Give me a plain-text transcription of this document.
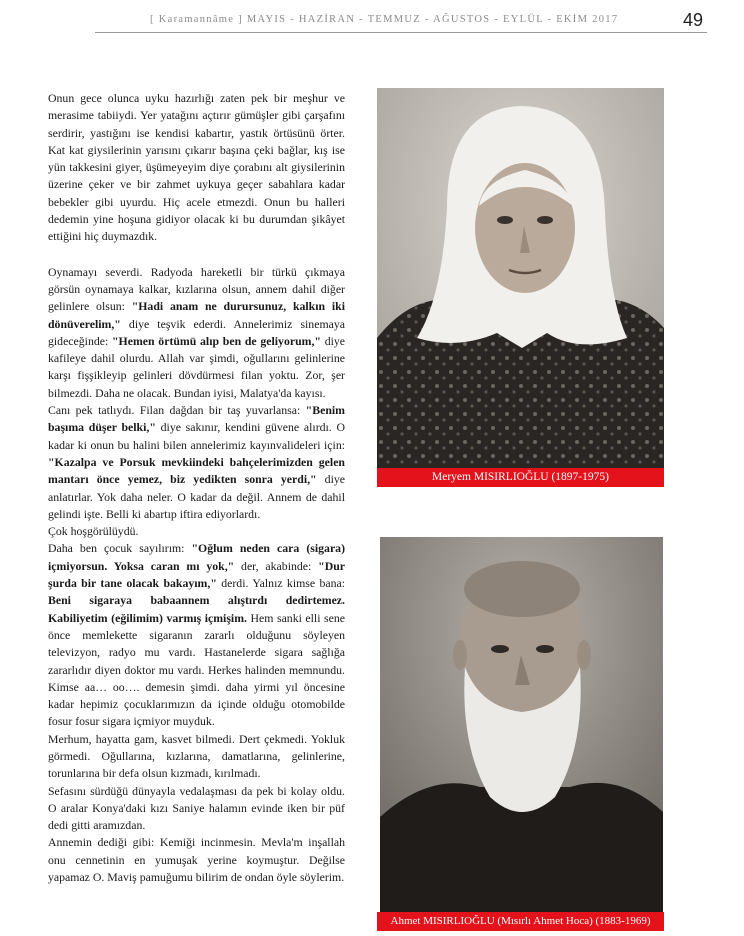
[ Karamannâme ] MAYIS - HAZİRAN - TEMMUZ - AĞUSTOS - EYLÜL - EKİM 2017	49

Onun gece olunca uyku hazırlığı zaten pek bir meşhur ve merasime tabiiydi. Yer yatağını açtırır gümüşler gibi çarşafını serdirir, yastığını ise kendisi kabartır, yastık örtüsünü örter. Kat kat giysilerinin yarısını çıkarır başına çeki bağlar, kış ise yün takkesini giyer, üşümeyeyim diye çorabını alt giysilerinin üzerine çeker ve bir zahmet uykuya geçer sabahlara kadar bebekler gibi uyurdu. Hiç acele etmezdi. Onun bu halleri dedemin yine hoşuna gidiyor olacak ki bu durumdan şikâyet ettiğini hiç duymazdık.

Oynamayı severdi. Radyoda hareketli bir türkü çıkmaya görsün oynamaya kalkar, kızlarına olsun, annem dahil diğer gelinlere olsun: "Hadi anam ne durursunuz, kalkın iki dönüverelim," diye teşvik ederdi. Annelerimiz sinemaya gideceğinde: "Hemen örtümü alıp ben de geliyorum," diye kafileye dahil olurdu. Allah var şimdi, oğullarını gelinlerine karşı fişşikleyip gelinleri dövdürmesi filan yoktu. Zor, şer bilmezdi. Daha ne olacak. Bundan iyisi, Malatya'da kayısı.

Canı pek tatlıydı. Filan dağdan bir taş yuvarlansa: "Benim başıma düşer belki," diye sakınır, kendini güvene alırdı. O kadar ki onun bu halini bilen annelerimiz kayınvalideleri için: "Kazalpa ve Porsuk mevkiindeki bahçelerimizden gelen mantarı önce yemez, biz yedikten sonra yerdi," diye anlatırlar. Yok daha neler. O kadar da değil. Annem de dahil gelindi işte. Belli ki abartıp iftira ediyorlardı.

Çok hoşgörülüydü.

Daha ben çocuk sayılırım: "Oğlum neden cara (sigara) içmiyorsun. Yoksa caran mı yok," der, akabinde: "Dur şurda bir tane olacak bakayım," derdi. Yalnız kimse bana: Beni sigaraya babaannem alıştırdı dedirtemez. Kabiliyetim (eğilimim) varmış içmişim. Hem sanki elli sene önce memlekette sigaranın zararlı olduğunu söyleyen televizyon, radyo mu vardı. Hastanelerde sigara sağlığa zararlıdır diyen doktor mu vardı. Herkes halinden memnundu. Kimse aa… oo…. demesin şimdi. daha yirmi yıl öncesine kadar hepimiz çocuklarımızın da içinde olduğu otomobilde fosur fosur sigara içmiyor muyduk.

Merhum, hayatta gam, kasvet bilmedi. Dert çekmedi. Yokluk görmedi. Oğullarına, kızlarına, damatlarına, gelinlerine, torunlarına bir defa olsun kızmadı, kırılmadı.

Sefasını sürdüğü dünyayla vedalaşması da pek bi kolay oldu. O aralar Konya'daki kızı Saniye halamın evinde iken bir püf dedi gitti aramızdan.

Annemin dediği gibi: Kemiği incinmesin. Mevla'm inşallah onu cennetinin en yumuşak yerine koymuştur. Değilse yapamaz O. Maviş pamuğumu bilirim de ondan öyle söylerim.

Meryem MISIRLIOĞLU (1897-1975)
Ahmet MISIRLIOĞLU (Mısırlı Ahmet Hoca) (1883-1969)
